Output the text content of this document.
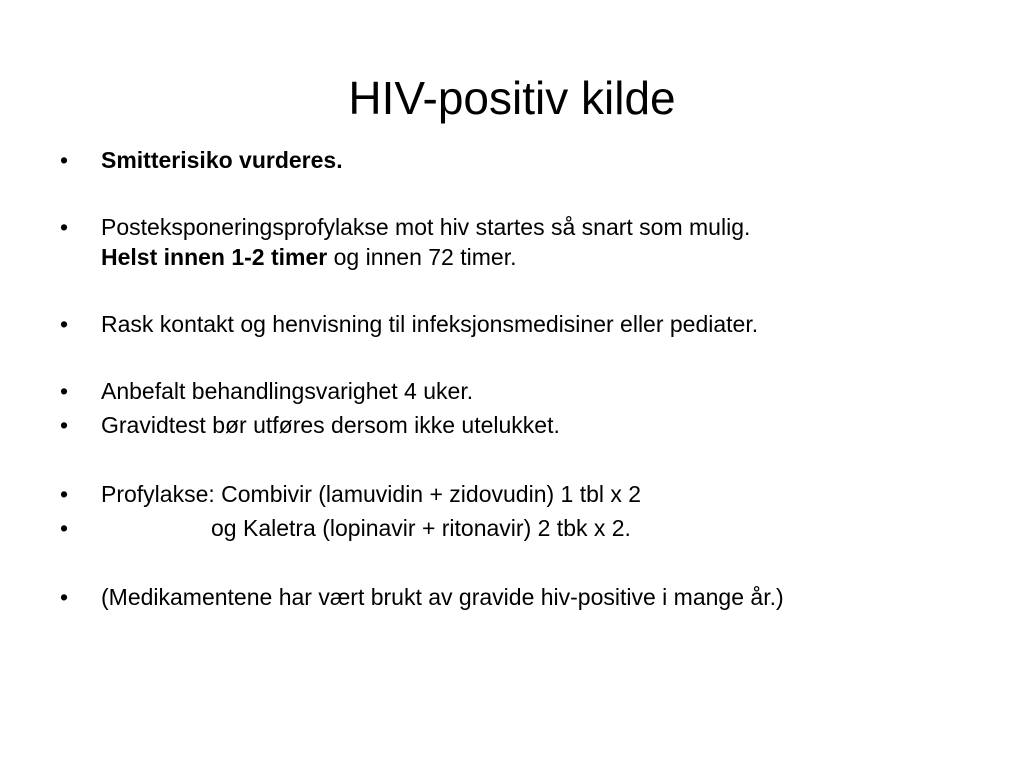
HIV-positiv kilde
•	Smitterisiko vurderes.
•	Posteksponeringsprofylakse mot hiv startes så snart som mulig.
Helst innen 1-2 timer og innen 72 timer.
•	Rask kontakt og henvisning til infeksjonsmedisiner eller pediater.
•	Anbefalt behandlingsvarighet 4 uker.
•	Gravidtest bør utføres dersom ikke utelukket.
•	Profylakse: Combivir (lamuvidin + zidovudin) 1 tbl x 2
•	og Kaletra (lopinavir + ritonavir) 2 tbk x 2.
•	(Medikamentene har vært brukt av gravide hiv-positive i mange år.)
